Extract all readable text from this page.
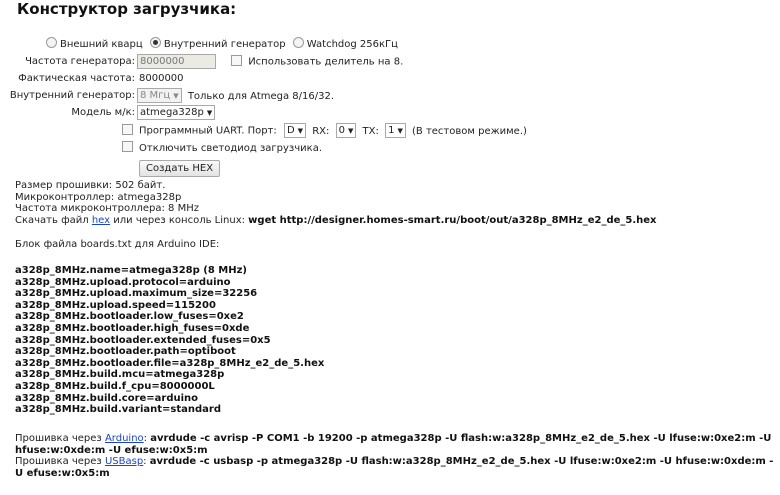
Конструктор загрузчика:
Внешний кварц Внутренний генератор Watchdog 256кГц
Частота генератора: 8000000	Использовать делитель на 8.
Фактическая частота: 8000000
Внутренний генератор: 8 Мгц ▼ Только для Atmega 8/16/32.
Модель м/к: atmega328p ▼
Программный UART. Порт: D ▼ RX: 0 ▼ TX: 1 ▼ (В тестовом режиме.)
Отключить светодиод загрузчика.
Создать HEX
Размер прошивки: 502 байт.
Микроконтроллер: atmega328p
Частота микроконтроллера: 8 MHz
Скачать файл hex или через консоль Linux: wget http://designer.homes-smart.ru/boot/out/a328p_8MHz_e2_de_5.hex
Блок файла boards.txt для Arduino IDE:
a328p_8MHz.name=atmega328p (8 MHz)
a328p_8MHz.upload.protocol=arduino
a328p_8MHz.upload.maximum_size=32256
a328p_8MHz.upload.speed=115200
a328p_8MHz.bootloader.low_fuses=0xe2
a328p_8MHz.bootloader.high_fuses=0xde
a328p_8MHz.bootloader.extended_fuses=0x5
a328p_8MHz.bootloader.path=optiboot
a328p_8MHz.bootloader.file=a328p_8MHz_e2_de_5.hex
a328p_8MHz.build.mcu=atmega328p
a328p_8MHz.build.f_cpu=8000000L
a328p_8MHz.build.core=arduino
a328p_8MHz.build.variant=standard
Прошивка через Arduino: avrdude -c avrisp -P COM1 -b 19200 -p atmega328p -U flash:w:a328p_8MHz_e2_de_5.hex -U lfuse:w:0xe2:m -U hfuse:w:0xde:m -U efuse:w:0x5:m
Прошивка через USBasp: avrdude -c usbasp -p atmega328p -U flash:w:a328p_8MHz_e2_de_5.hex -U lfuse:w:0xe2:m -U hfuse:w:0xde:m -U efuse:w:0x5:m
